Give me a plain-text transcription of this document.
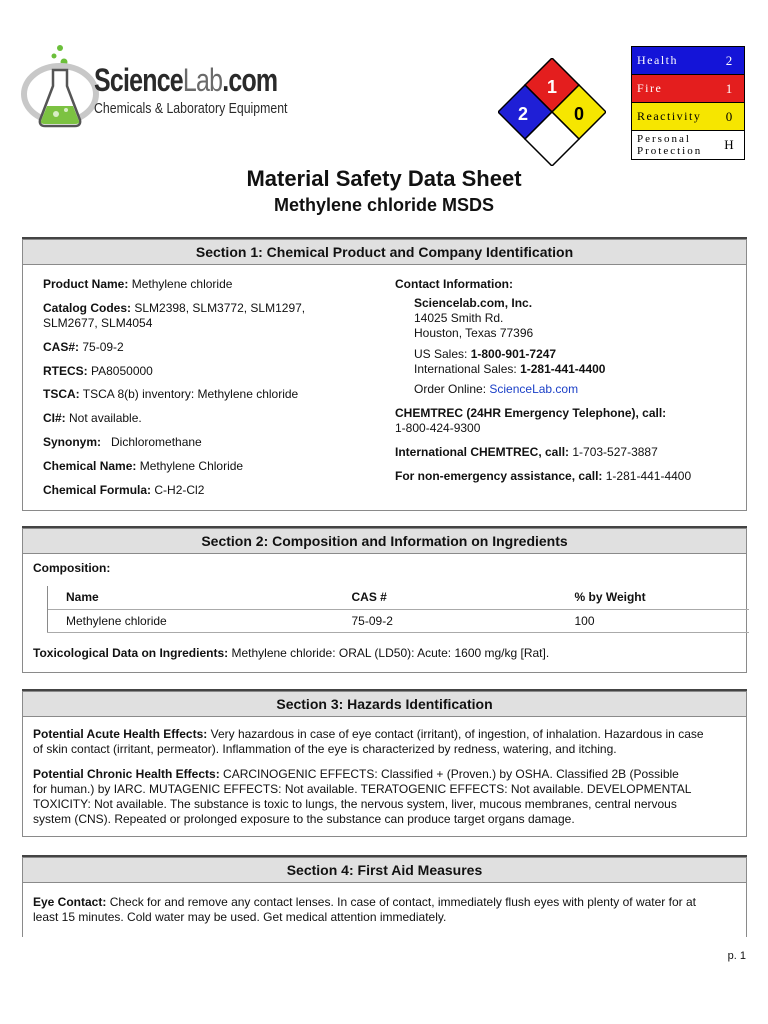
ScienceLab.com
Chemicals & Laboratory Equipment
1
2	0
Health	2
Fire	1
Reactivity	0
Personal Protection	H
Material Safety Data Sheet
Methylene chloride MSDS
Section 1: Chemical Product and Company Identification
Product Name: Methylene chloride
Catalog Codes: SLM2398, SLM3772, SLM1297,
SLM2677, SLM4054
CAS#: 75-09-2
RTECS: PA8050000
TSCA: TSCA 8(b) inventory: Methylene chloride
CI#: Not available.
Synonym:   Dichloromethane
Chemical Name: Methylene Chloride
Chemical Formula: C-H2-Cl2
Contact Information:
Sciencelab.com, Inc.
14025 Smith Rd.
Houston, Texas 77396
US Sales: 1-800-901-7247
International Sales: 1-281-441-4400
Order Online: ScienceLab.com
CHEMTREC (24HR Emergency Telephone), call:
1-800-424-9300
International CHEMTREC, call: 1-703-527-3887
For non-emergency assistance, call: 1-281-441-4400
Section 2: Composition and Information on Ingredients
Composition:
Name	CAS #	% by Weight
Methylene chloride	75-09-2	100
Toxicological Data on Ingredients: Methylene chloride: ORAL (LD50): Acute: 1600 mg/kg [Rat].
Section 3: Hazards Identification
Potential Acute Health Effects: Very hazardous in case of eye contact (irritant), of ingestion, of inhalation. Hazardous in case
of skin contact (irritant, permeator). Inflammation of the eye is characterized by redness, watering, and itching.
Potential Chronic Health Effects: CARCINOGENIC EFFECTS: Classified + (Proven.) by OSHA. Classified 2B (Possible
for human.) by IARC. MUTAGENIC EFFECTS: Not available. TERATOGENIC EFFECTS: Not available. DEVELOPMENTAL
TOXICITY: Not available. The substance is toxic to lungs, the nervous system, liver, mucous membranes, central nervous
system (CNS). Repeated or prolonged exposure to the substance can produce target organs damage.
Section 4: First Aid Measures
Eye Contact: Check for and remove any contact lenses. In case of contact, immediately flush eyes with plenty of water for at
least 15 minutes. Cold water may be used. Get medical attention immediately.
p. 1
